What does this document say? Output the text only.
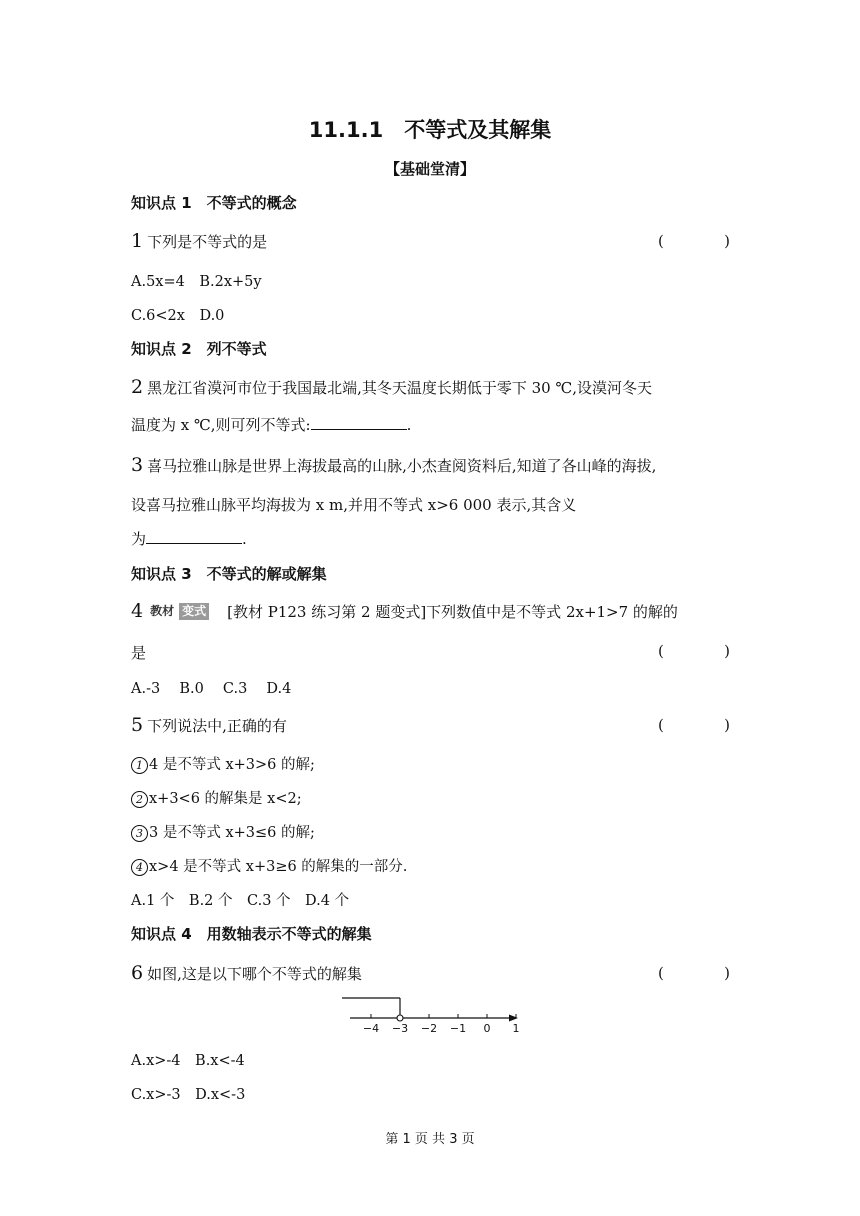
11.1.1　不等式及其解集
【基础堂清】
知识点 1　不等式的概念
1 下列是不等式的是	(	)
A.5x=4　B.2x+5y
C.6<2x　D.0
知识点 2　列不等式
2 黑龙江省漠河市位于我国最北端,其冬天温度长期低于零下 30 ℃,设漠河冬天
温度为 x ℃,则可列不等式:	.
3 喜马拉雅山脉是世界上海拔最高的山脉,小杰查阅资料后,知道了各山峰的海拔,
设喜马拉雅山脉平均海拔为 x m,并用不等式 x>6 000 表示,其含义
为	.
知识点 3　不等式的解或解集
4 教材 变式 [教材 P123 练习第 2 题变式]下列数值中是不等式 2x+1>7 的解的
是	(	)
A.-3　 B.0　 C.3　 D.4
5 下列说法中,正确的有	(	)
1 4 是不等式 x+3>6 的解;
2 x+3<6 的解集是 x<2;
3 3 是不等式 x+3≤6 的解;
4 x>4 是不等式 x+3≥6 的解集的一部分.
A.1 个　B.2 个　C.3 个　D.4 个
知识点 4　用数轴表示不等式的解集
6 如图,这是以下哪个不等式的解集	(	)
−4 −3 −2 −1 0 1
A.x>-4　B.x<-4
C.x>-3　D.x<-3
第 1 页 共 3 页
